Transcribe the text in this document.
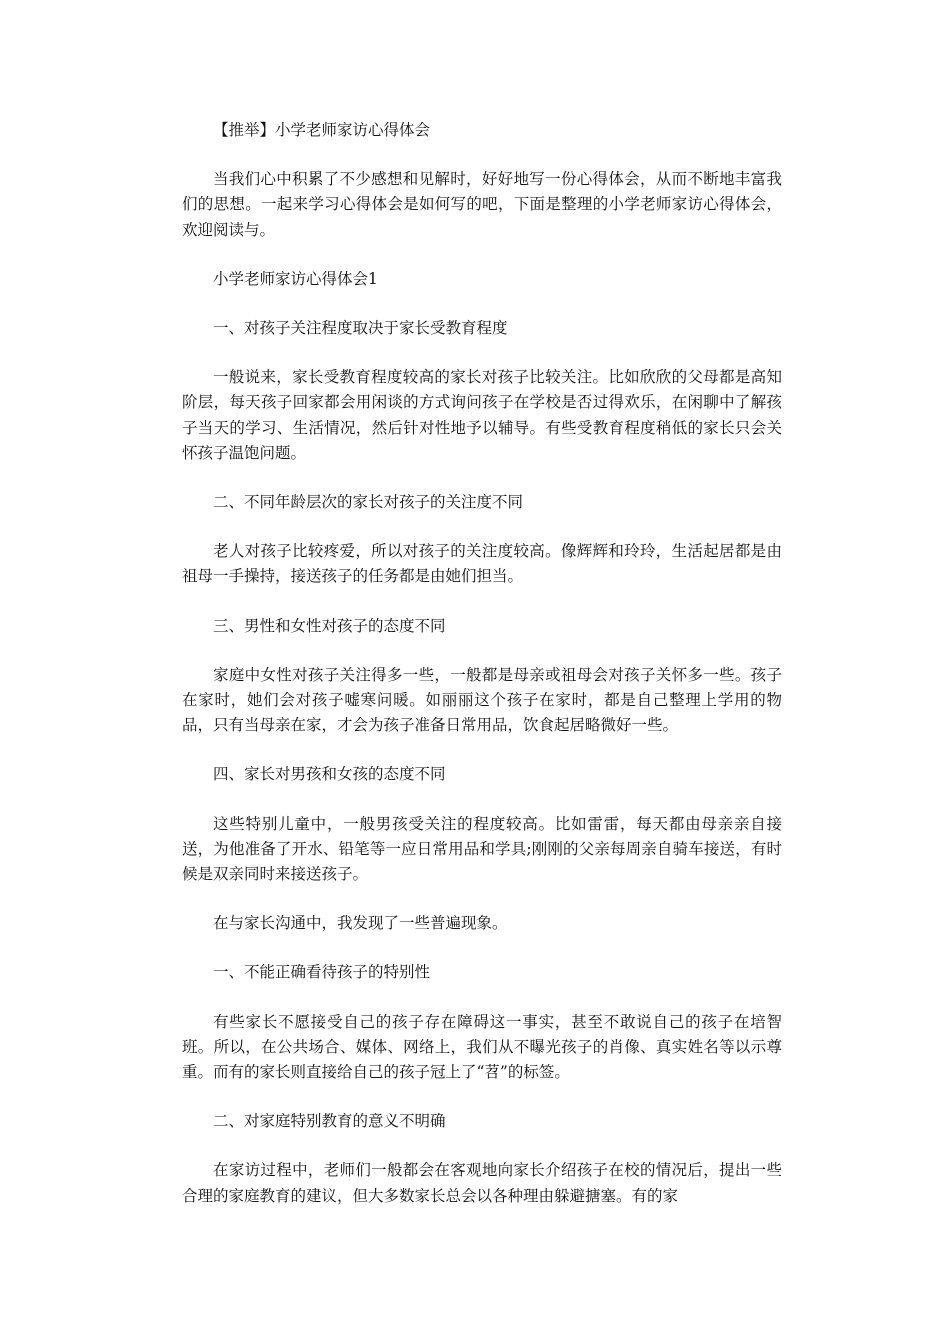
【推举】小学老师家访心得体会

当我们心中积累了不少感想和见解时，好好地写一份心得体会，从而不断地丰富我们的思想。一起来学习心得体会是如何写的吧，下面是整理的小学老师家访心得体会，欢迎阅读与。

小学老师家访心得体会1

一、对孩子关注程度取决于家长受教育程度

一般说来，家长受教育程度较高的家长对孩子比较关注。比如欣欣的父母都是高知阶层，每天孩子回家都会用闲谈的方式询问孩子在学校是否过得欢乐，在闲聊中了解孩子当天的学习、生活情况，然后针对性地予以辅导。有些受教育程度稍低的家长只会关怀孩子温饱问题。

二、不同年龄层次的家长对孩子的关注度不同

老人对孩子比较疼爱，所以对孩子的关注度较高。像辉辉和玲玲，生活起居都是由祖母一手操持，接送孩子的任务都是由她们担当。

三、男性和女性对孩子的态度不同

家庭中女性对孩子关注得多一些，一般都是母亲或祖母会对孩子关怀多一些。孩子在家时，她们会对孩子嘘寒问暖。如丽丽这个孩子在家时，都是自己整理上学用的物品，只有当母亲在家，才会为孩子准备日常用品，饮食起居略微好一些。

四、家长对男孩和女孩的态度不同

这些特别儿童中，一般男孩受关注的程度较高。比如雷雷，每天都由母亲亲自接送，为他准备了开水、铅笔等一应日常用品和学具;刚刚的父亲每周亲自骑车接送，有时候是双亲同时来接送孩子。

在与家长沟通中，我发现了一些普遍现象。

一、不能正确看待孩子的特别性

有些家长不愿接受自己的孩子存在障碍这一事实，甚至不敢说自己的孩子在培智班。所以，在公共场合、媒体、网络上，我们从不曝光孩子的肖像、真实姓名等以示尊重。而有的家长则直接给自己的孩子冠上了“苕”的标签。

二、对家庭特别教育的意义不明确

在家访过程中，老师们一般都会在客观地向家长介绍孩子在校的情况后，提出一些合理的家庭教育的建议，但大多数家长总会以各种理由躲避搪塞。有的家
